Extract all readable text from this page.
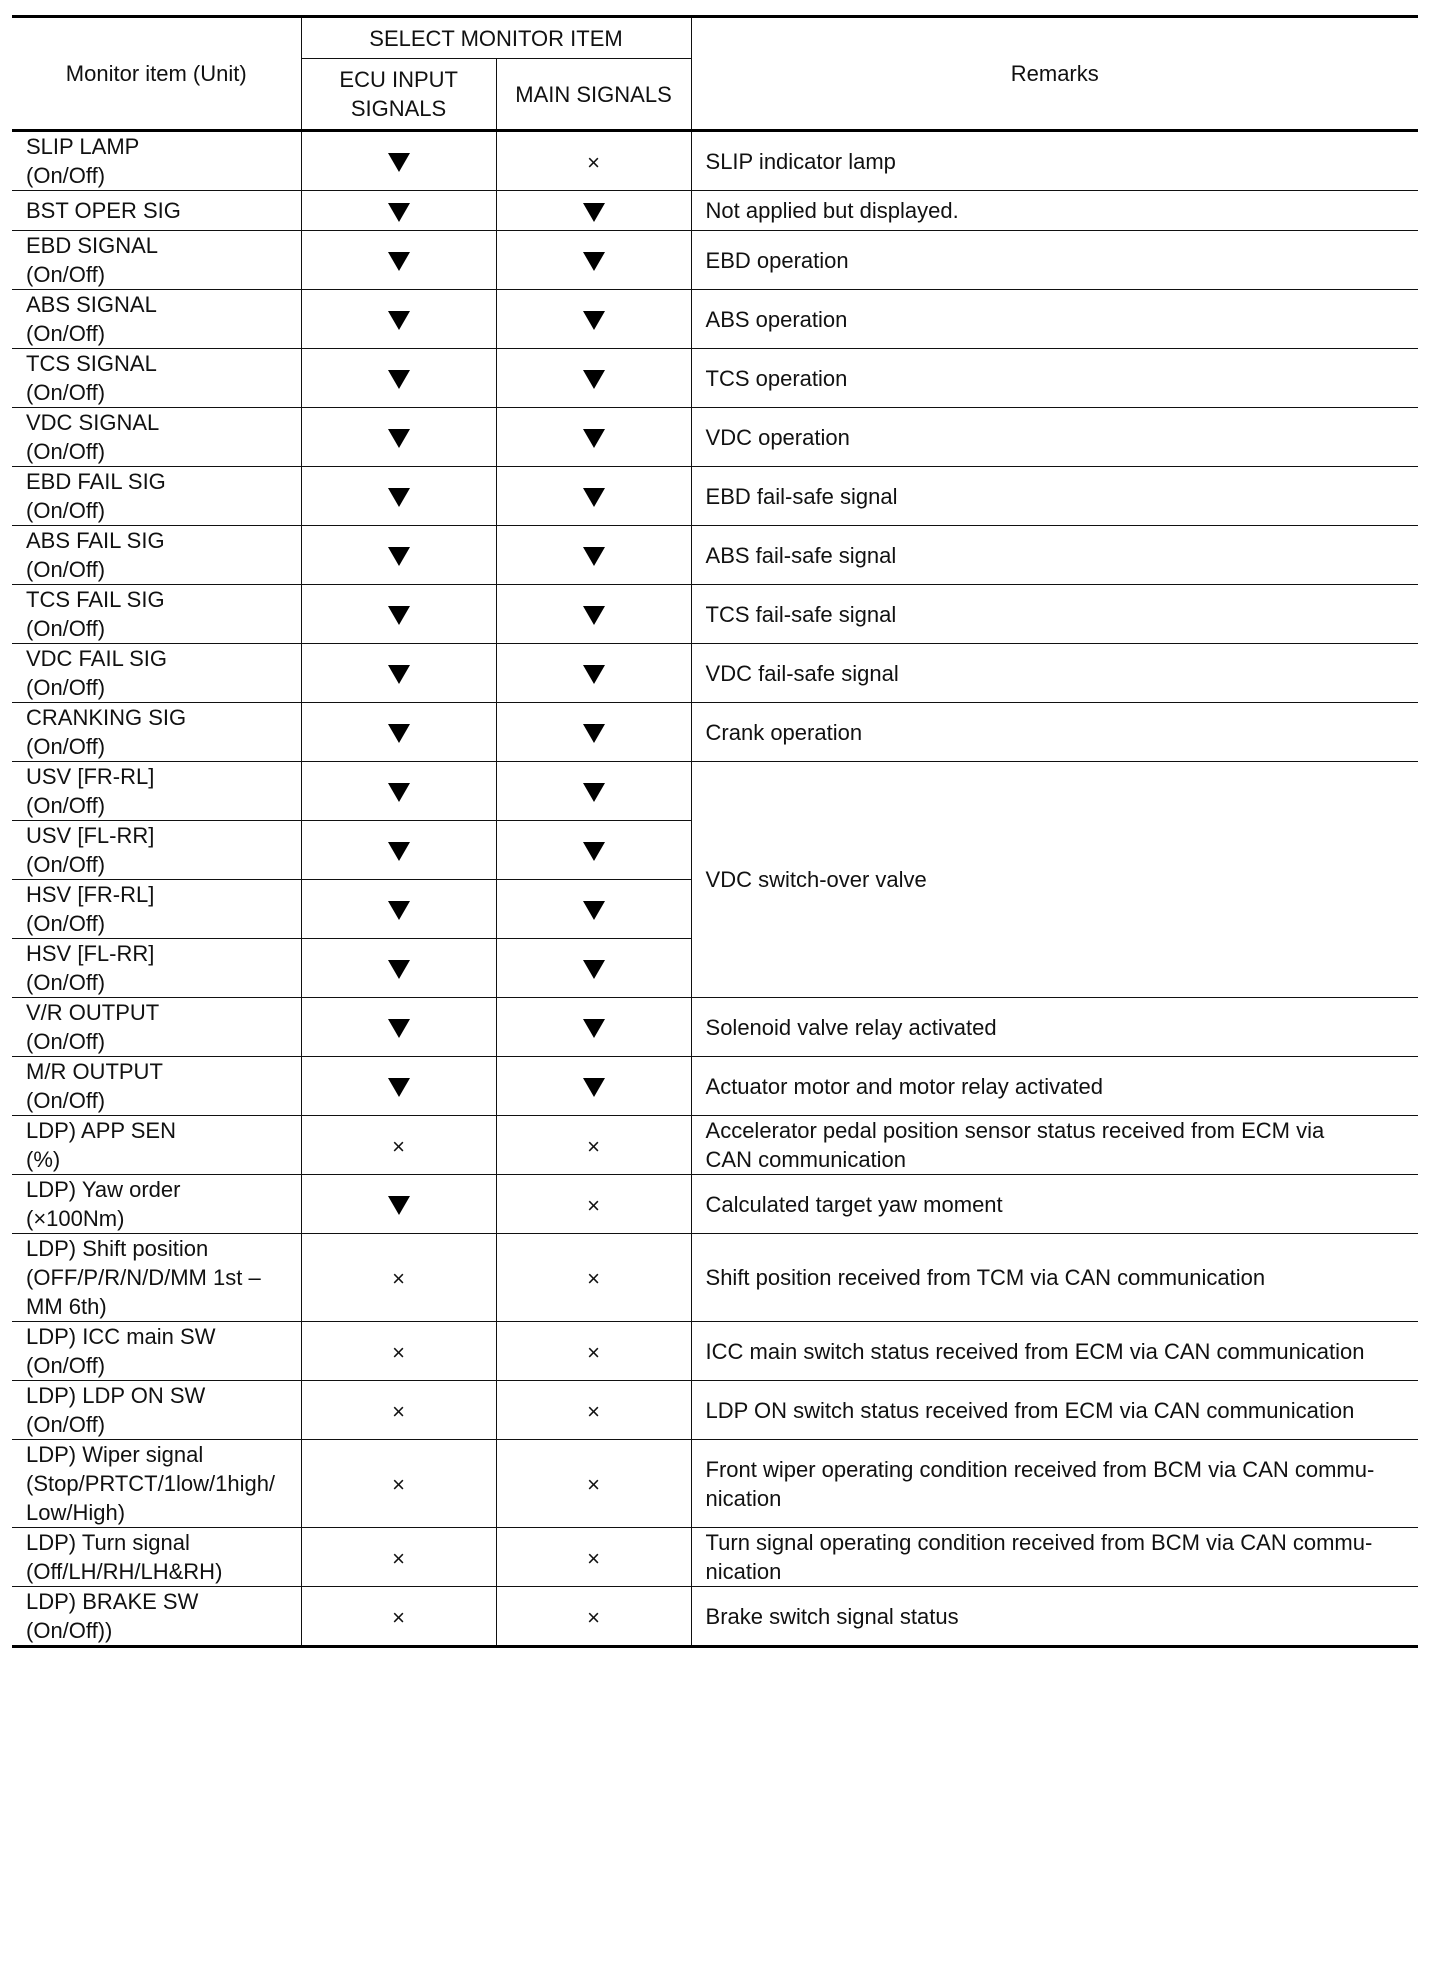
Monitor item (Unit)	SELECT MONITOR ITEM		Remarks
	ECU INPUT SIGNALS	MAIN SIGNALS	

SLIP LAMP
(On/Off)		×	SLIP indicator lamp

BST OPER SIG			Not applied but displayed.

EBD SIGNAL
(On/Off)			EBD operation

ABS SIGNAL
(On/Off)			ABS operation

TCS SIGNAL
(On/Off)			TCS operation

VDC SIGNAL
(On/Off)			VDC operation

EBD FAIL SIG
(On/Off)			EBD fail-safe signal

ABS FAIL SIG
(On/Off)			ABS fail-safe signal

TCS FAIL SIG
(On/Off)			TCS fail-safe signal

VDC FAIL SIG
(On/Off)			VDC fail-safe signal

CRANKING SIG
(On/Off)			Crank operation

USV [FR-RL]
(On/Off)			VDC switch-over valve

USV [FL-RR]
(On/Off)			

HSV [FR-RL]
(On/Off)			

HSV [FL-RR]
(On/Off)			

V/R OUTPUT
(On/Off)			Solenoid valve relay activated

M/R OUTPUT
(On/Off)			Actuator motor and motor relay activated

LDP) APP SEN
(%)	×	×	Accelerator pedal position sensor status received from ECM via
CAN communication

LDP) Yaw order
(×100Nm)		×	Calculated target yaw moment

LDP) Shift position
(OFF/P/R/N/D/MM 1st –
MM 6th)	×	×	Shift position received from TCM via CAN communication

LDP) ICC main SW
(On/Off)	×	×	ICC main switch status received from ECM via CAN communication

LDP) LDP ON SW
(On/Off)	×	×	LDP ON switch status received from ECM via CAN communication

LDP) Wiper signal
(Stop/PRTCT/1low/1high/
Low/High)	×	×	Front wiper operating condition received from BCM via CAN commu-
nication

LDP) Turn signal
(Off/LH/RH/LH&RH)	×	×	Turn signal operating condition received from BCM via CAN commu-
nication

LDP) BRAKE SW
(On/Off))	×	×	Brake switch signal status
